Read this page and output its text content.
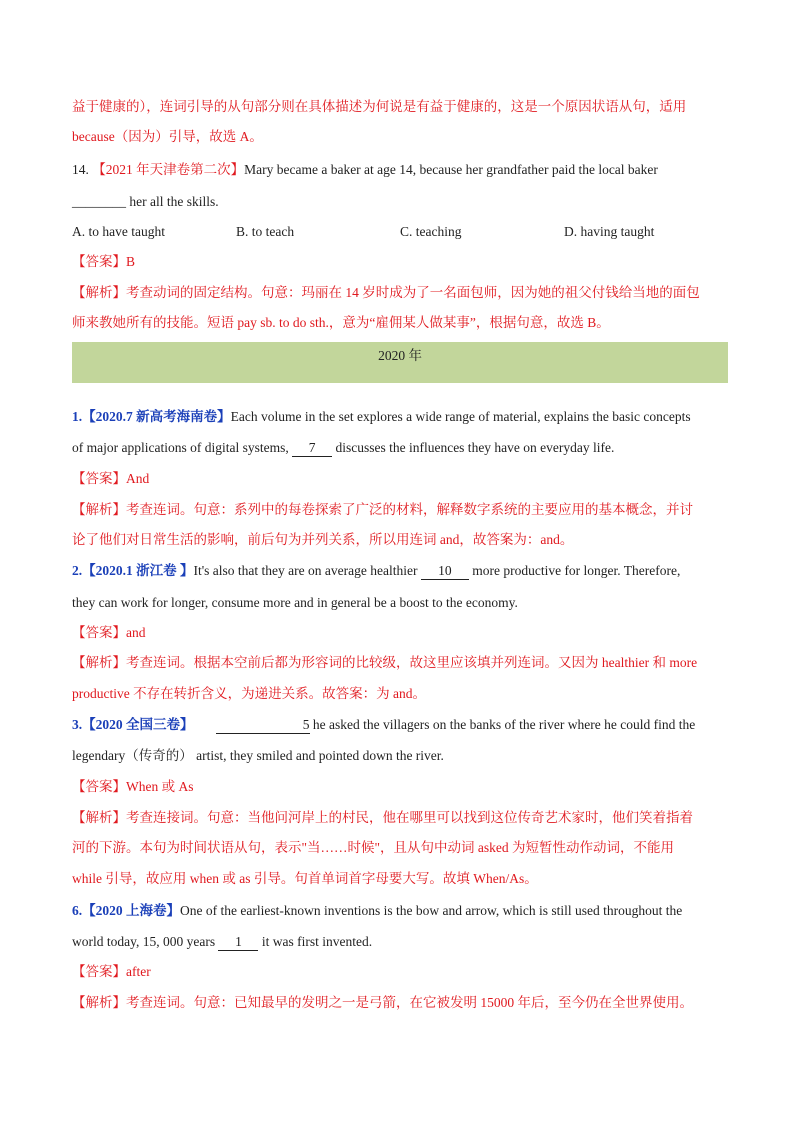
益于健康的），连词引导的从句部分则在具体描述为何说是有益于健康的，这是一个原因状语从句，适用
because（因为）引导，故选 A。
14. 【2021 年天津卷第二次】Mary became a baker at age 14, because her grandfather paid the local baker
________ her all the skills.
A. to have taught	B. to teach	C. teaching	D. having taught
【答案】B
【解析】考查动词的固定结构。句意：玛丽在 14 岁时成为了一名面包师，因为她的祖父付钱给当地的面包
师来教她所有的技能。短语 pay sb. to do sth.，意为“雇佣某人做某事”，根据句意，故选 B。
2020 年
1.【2020.7 新高考海南卷】Each volume in the set explores a wide range of material, explains the basic concepts
of major applications of digital systems, 7 discusses the influences they have on everyday life.
【答案】And
【解析】考查连词。句意：系列中的每卷探索了广泛的材料，解释数字系统的主要应用的基本概念，并讨
论了他们对日常生活的影响，前后句为并列关系，所以用连词 and，故答案为：and。
2.【2020.1 浙江卷 】It's also that they are on average healthier 10 more productive for longer. Therefore,
they can work for longer, consume more and in general be a boost to the economy.
【答案】and
【解析】考查连词。根据本空前后都为形容词的比较级，故这里应该填并列连词。又因为 healthier 和 more
productive 不存在转折含义，为递进关系。故答案：为 and。
3.【2020 全国三卷】	5 he asked the villagers on the banks of the river where he could find the
legendary（传奇的） artist, they smiled and pointed down the river.
【答案】When 或 As
【解析】考查连接词。句意：当他问河岸上的村民，他在哪里可以找到这位传奇艺术家时，他们笑着指着
河的下游。本句为时间状语从句，表示"当……时候"，且从句中动词 asked 为短暂性动作动词，不能用
while 引导，故应用 when 或 as 引导。句首单词首字母要大写。故填 When/As。
6.【2020 上海卷】One of the earliest-known inventions is the bow and arrow, which is still used throughout the
world today, 15, 000 years 1 it was first invented.
【答案】after
【解析】考查连词。句意：已知最早的发明之一是弓箭，在它被发明 15000 年后，至今仍在全世界使用。
